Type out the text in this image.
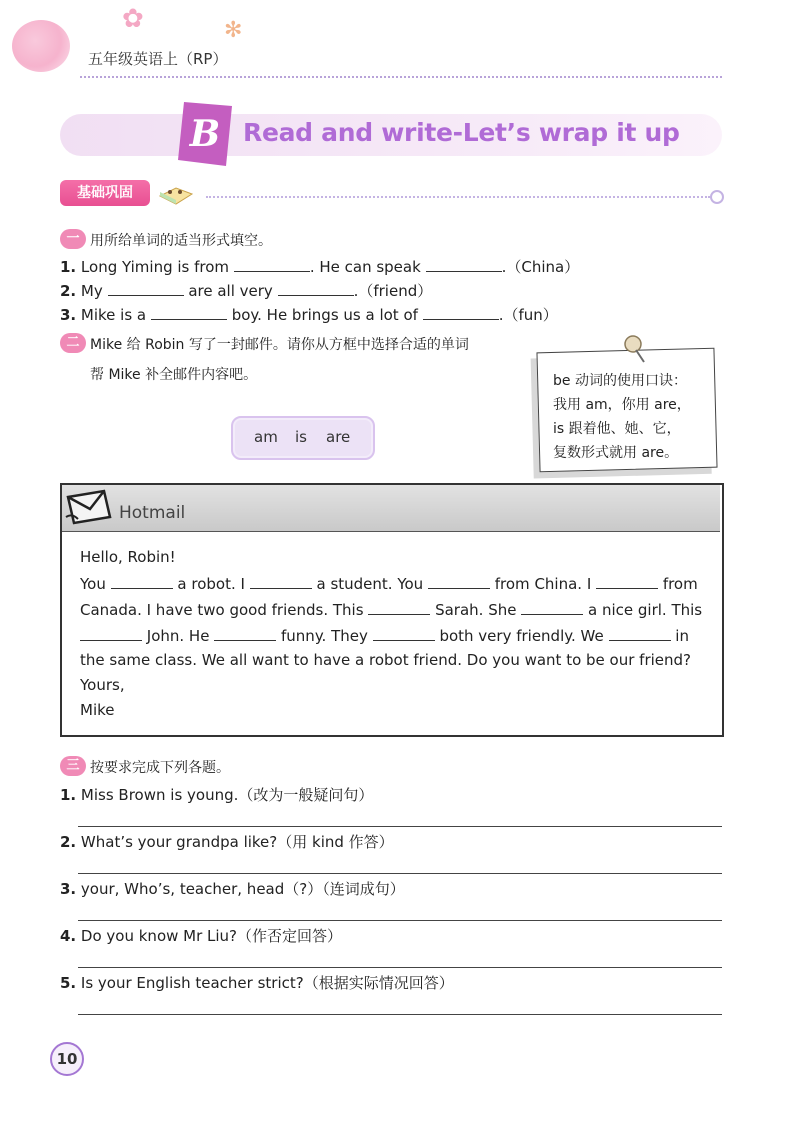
✿	✻
五年级英语上（RP）
B Read and write-Let’s wrap it up
基础巩固
一 用所给单词的适当形式填空。
1. Long Yiming is from	. He can speak	.（China）
2. My	are all very	.（friend）
3. Mike is a	boy. He brings us a lot of	.（fun）
二 Mike 给 Robin 写了一封邮件。请你从方框中选择合适的单词
帮 Mike 补全邮件内容吧。
am is are
be 动词的使用口诀：
我用 am，你用 are，
is 跟着他、她、它，
复数形式就用 are。
Hotmail
Hello, Robin!
You	a robot. I	a student. You	from China. I	from
Canada. I have two good friends. This	Sarah. She	a nice girl. This
John. He	funny. They	both very friendly. We	in
the same class. We all want to have a robot friend. Do you want to be our friend?
Yours,
Mike
三 按要求完成下列各题。
1. Miss Brown is young.（改为一般疑问句）
2. What’s your grandpa like?（用 kind 作答）
3. your, Who’s, teacher, head（?）（连词成句）
4. Do you know Mr Liu?（作否定回答）
5. Is your English teacher strict?（根据实际情况回答）
10
